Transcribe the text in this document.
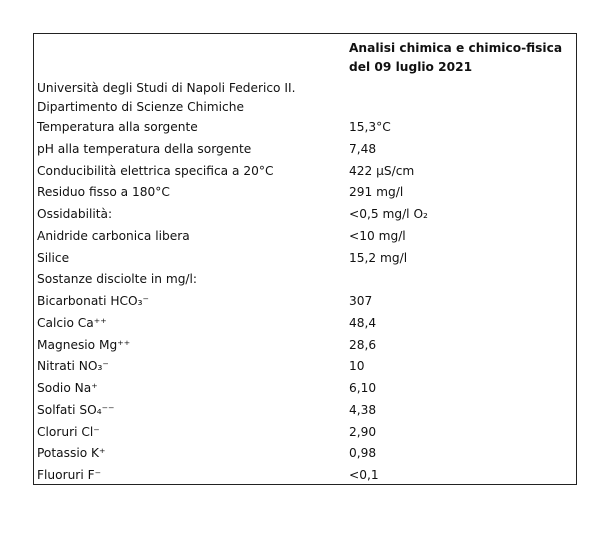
Analisi chimica e chimico-fisica
del 09 luglio 2021
Università degli Studi di Napoli Federico II.
Dipartimento di Scienze Chimiche
Temperatura alla sorgente	15,3°C
pH alla temperatura della sorgente	7,48
Conducibilità elettrica specifica a 20°C	422 µS/cm
Residuo fisso a 180°C	291 mg/l
Ossidabilità:	<0,5 mg/l O₂
Anidride carbonica libera	<10 mg/l
Silice	15,2 mg/l
Sostanze disciolte in mg/l:
Bicarbonati HCO₃⁻	307
Calcio Ca⁺⁺	48,4
Magnesio Mg⁺⁺	28,6
Nitrati NO₃⁻	10
Sodio Na⁺	6,10
Solfati SO₄⁻⁻	4,38
Cloruri Cl⁻	2,90
Potassio K⁺	0,98
Fluoruri F⁻	<0,1
